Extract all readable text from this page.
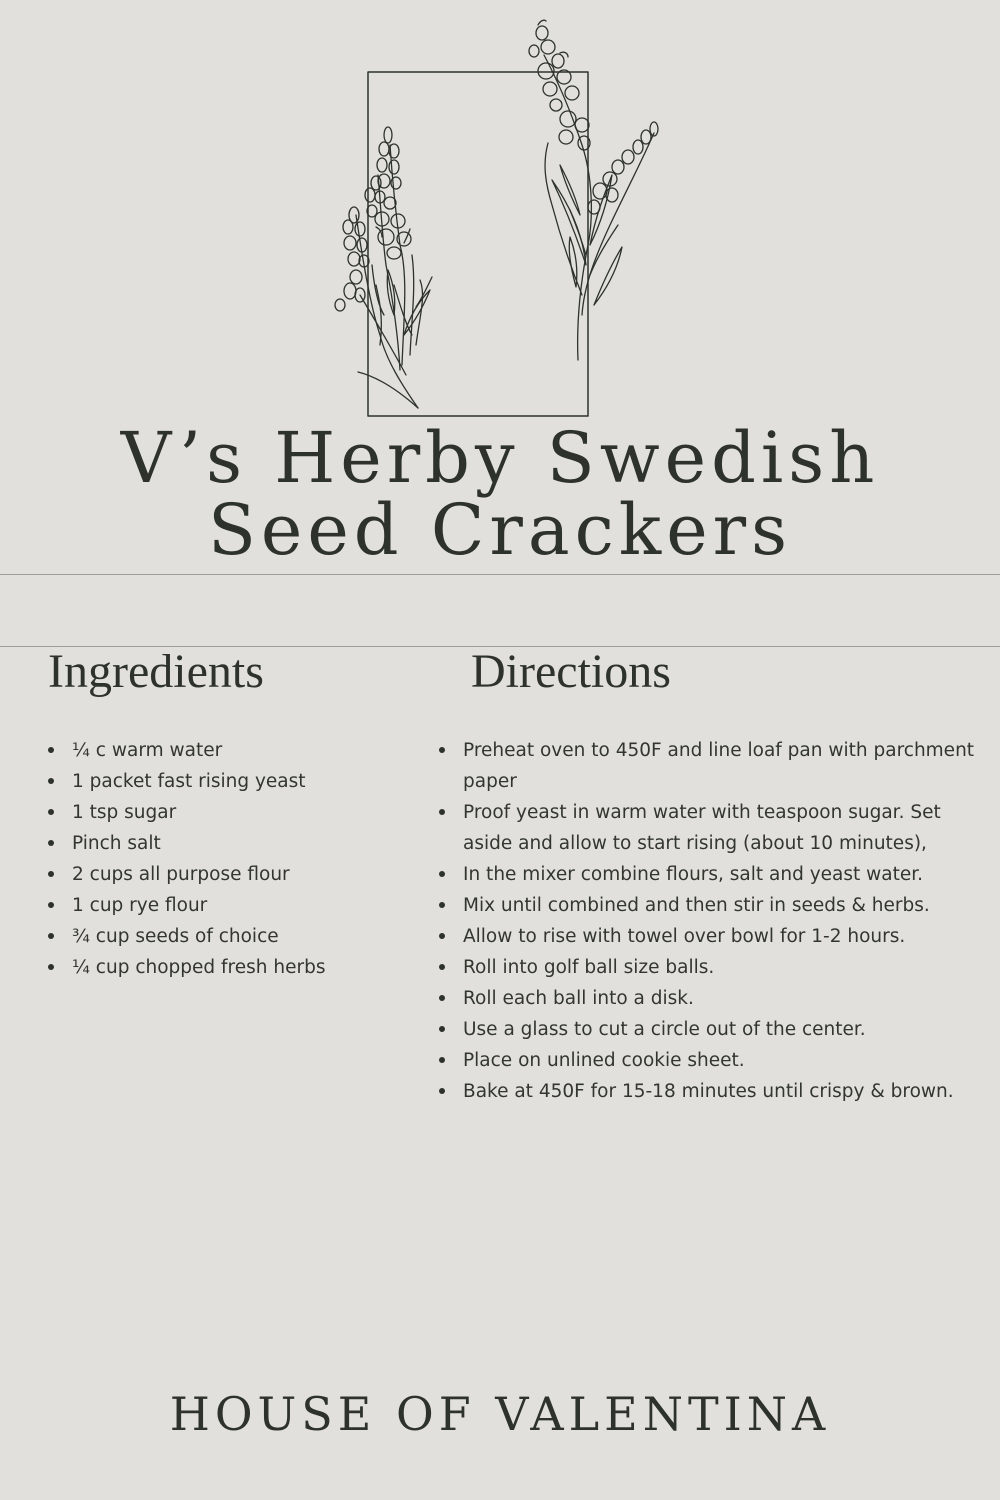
V’s Herby Swedish
Seed Crackers
Ingredients	Directions
¼ c warm water
1 packet fast rising yeast
1 tsp sugar
Pinch salt
2 cups all purpose flour
1 cup rye flour
¾ cup seeds of choice
¼ cup chopped fresh herbs
Preheat oven to 450F and line loaf pan with parchment paper
Proof yeast in warm water with teaspoon sugar. Set aside and allow to start rising (about 10 minutes),
In the mixer combine flours, salt and yeast water.
Mix until combined and then stir in seeds & herbs.
Allow to rise with towel over bowl for 1-2 hours.
Roll into golf ball size balls.
Roll each ball into a disk.
Use a glass to cut a circle out of the center.
Place on unlined cookie sheet.
Bake at 450F for 15-18 minutes until crispy & brown.
HOUSE OF VALENTINA
